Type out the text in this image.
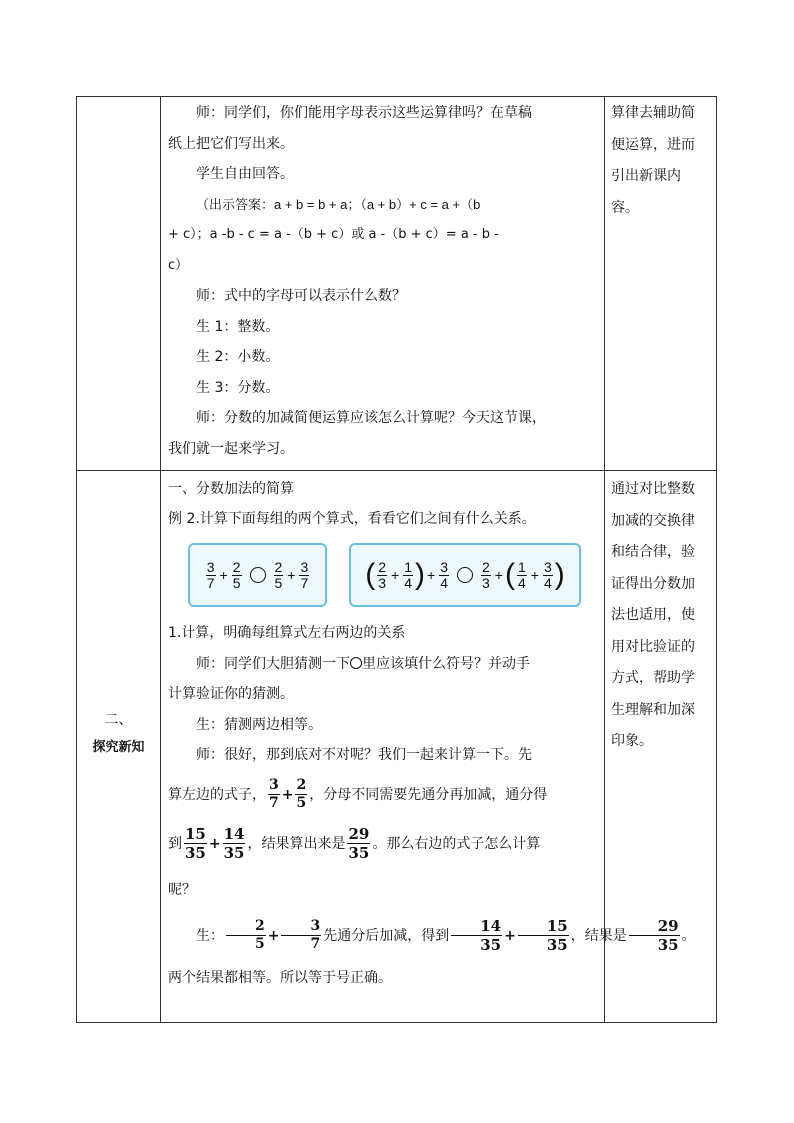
师：同学们，你们能用字母表示这些运算律吗？在草稿

纸上把它们写出来。

学生自由回答。

（出示答案：a + b = b + a；（a + b）+ c = a +（b

+ c）；a -b - c = a -（b + c）或 a -（b + c）= a - b -

c）

师：式中的字母可以表示什么数？

生 1：整数。

生 2：小数。

生 3：分数。

师：分数的加减简便运算应该怎么计算呢？今天这节课，

我们就一起来学习。

算律去辅助简
便运算，进而
引出新课内
容。
二、
探究新知

一、分数加法的简算

例 2.计算下面每组的两个算式，看看它们之间有什么关系。

3
$7 + \frac{2}{5} 2$
$5 + \frac{3}{7}$ ( 2
$3 + \frac{1}{4}$ ) + $\frac{3}{4} 2$
3 + ( 1
$4 + \frac{3}{4}$ )

1.计算，明确每组算式左右两边的关系

师：同学们大胆猜测一下 里应该填什么符号？并动手

计算验证你的猜测。

生：猜测两边相等。

师：很好，那到底对不对呢？我们一起来计算一下。先

算左边的式子， $\frac{3}{7} + \frac{2}{5}$ ，分母不同需要先通分再加减，通分得

到 $\frac{15}{35} + \frac{14}{35}$ ，结果算出来是 $\frac{29}{35}$ 。那么右边的式子怎么计算

呢？

生： $\frac{2}{5} + \frac{3}{7}$ 先通分后加减，得到 $\frac{14}{35} + \frac{15}{35}$ ，结果是 $\frac{29}{35}$ 。

两个结果都相等。所以等于号正确。

通过对比整数
加减的交换律
和结合律，验
证得出分数加
法也适用，使
用对比验证的
方式，帮助学
生理解和加深
印象。
